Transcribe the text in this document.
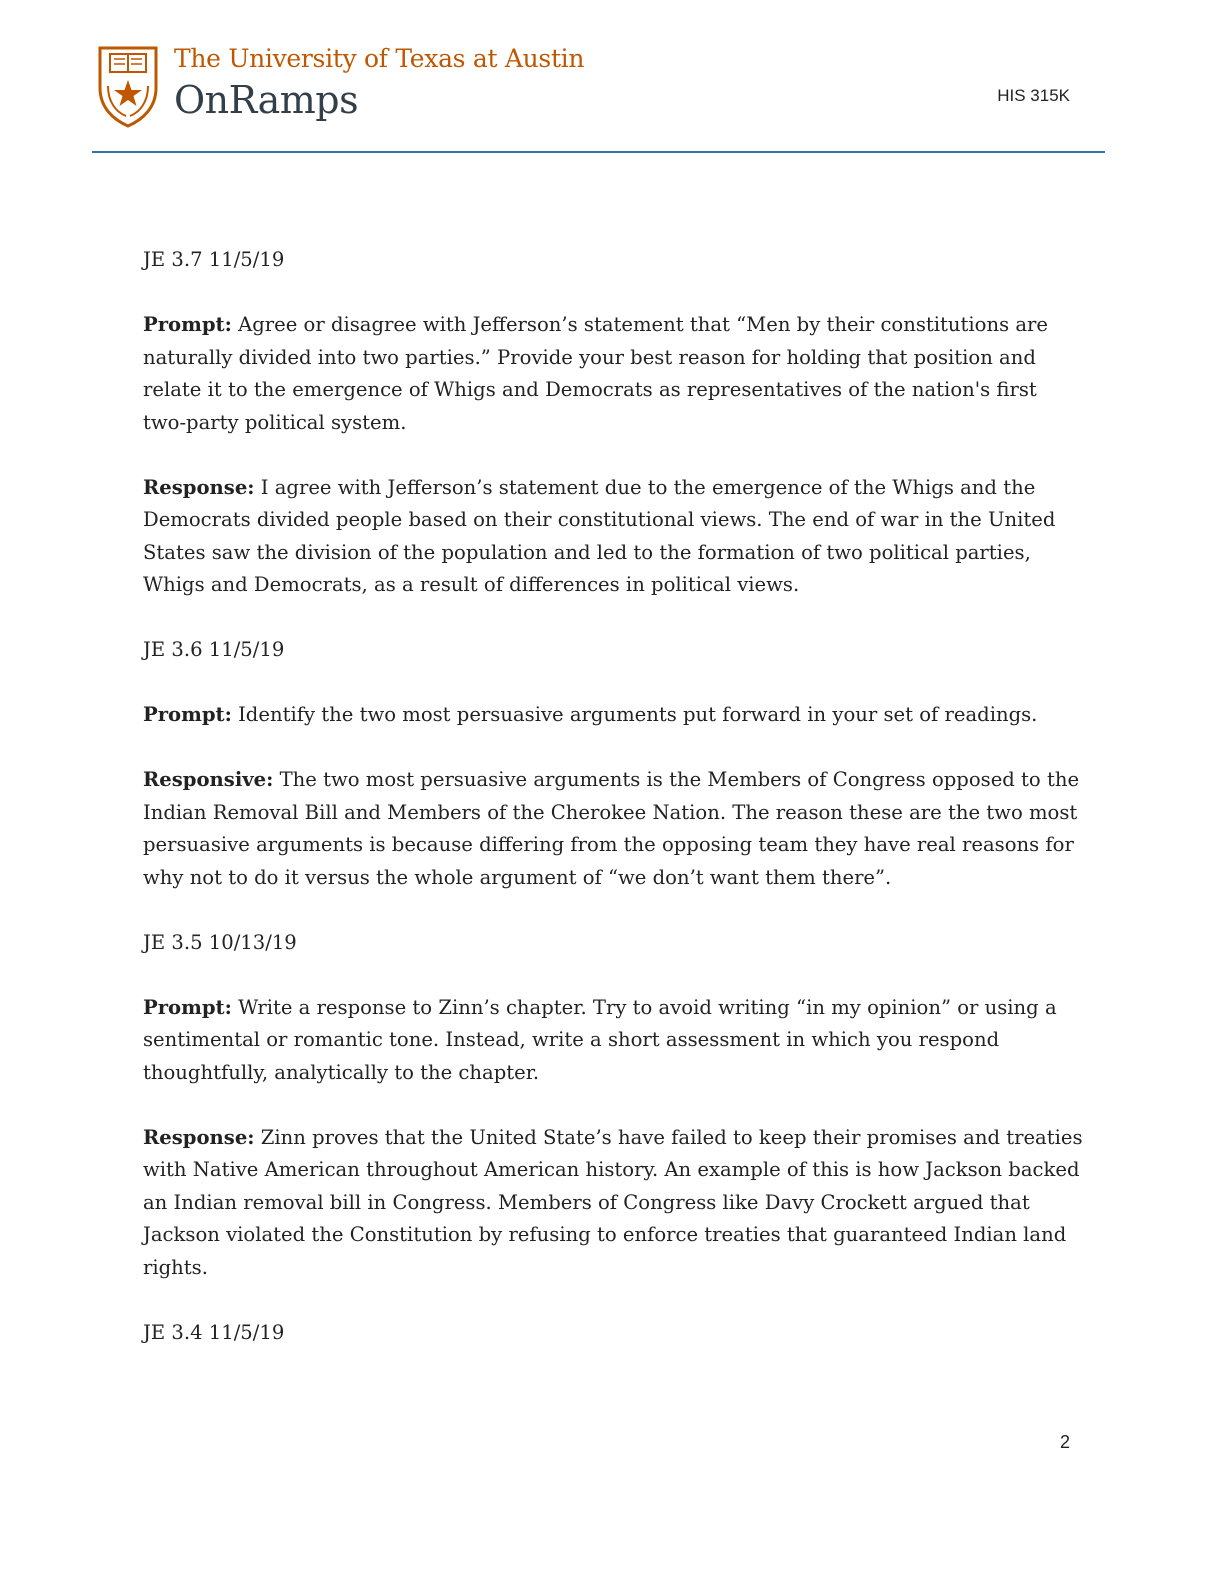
The University of Texas at Austin
OnRamps	HIS 315K
JE 3.7 11/5/19
Prompt: Agree or disagree with Jefferson’s statement that “Men by their constitutions are naturally divided into two parties.” Provide your best reason for holding that position and relate it to the emergence of Whigs and Democrats as representatives of the nation's first two-party political system.
Response: I agree with Jefferson’s statement due to the emergence of the Whigs and the Democrats divided people based on their constitutional views. The end of war in the United States saw the division of the population and led to the formation of two political parties, Whigs and Democrats, as a result of differences in political views.
JE 3.6 11/5/19
Prompt: Identify the two most persuasive arguments put forward in your set of readings.
Responsive: The two most persuasive arguments is the Members of Congress opposed to the Indian Removal Bill and Members of the Cherokee Nation. The reason these are the two most persuasive arguments is because differing from the opposing team they have real reasons for why not to do it versus the whole argument of “we don’t want them there”.
JE 3.5 10/13/19
Prompt: Write a response to Zinn’s chapter. Try to avoid writing “in my opinion” or using a sentimental or romantic tone. Instead, write a short assessment in which you respond thoughtfully, analytically to the chapter.
Response: Zinn proves that the United State’s have failed to keep their promises and treaties with Native American throughout American history. An example of this is how Jackson backed an Indian removal bill in Congress. Members of Congress like Davy Crockett argued that Jackson violated the Constitution by refusing to enforce treaties that guaranteed Indian land rights.
JE 3.4 11/5/19
2
